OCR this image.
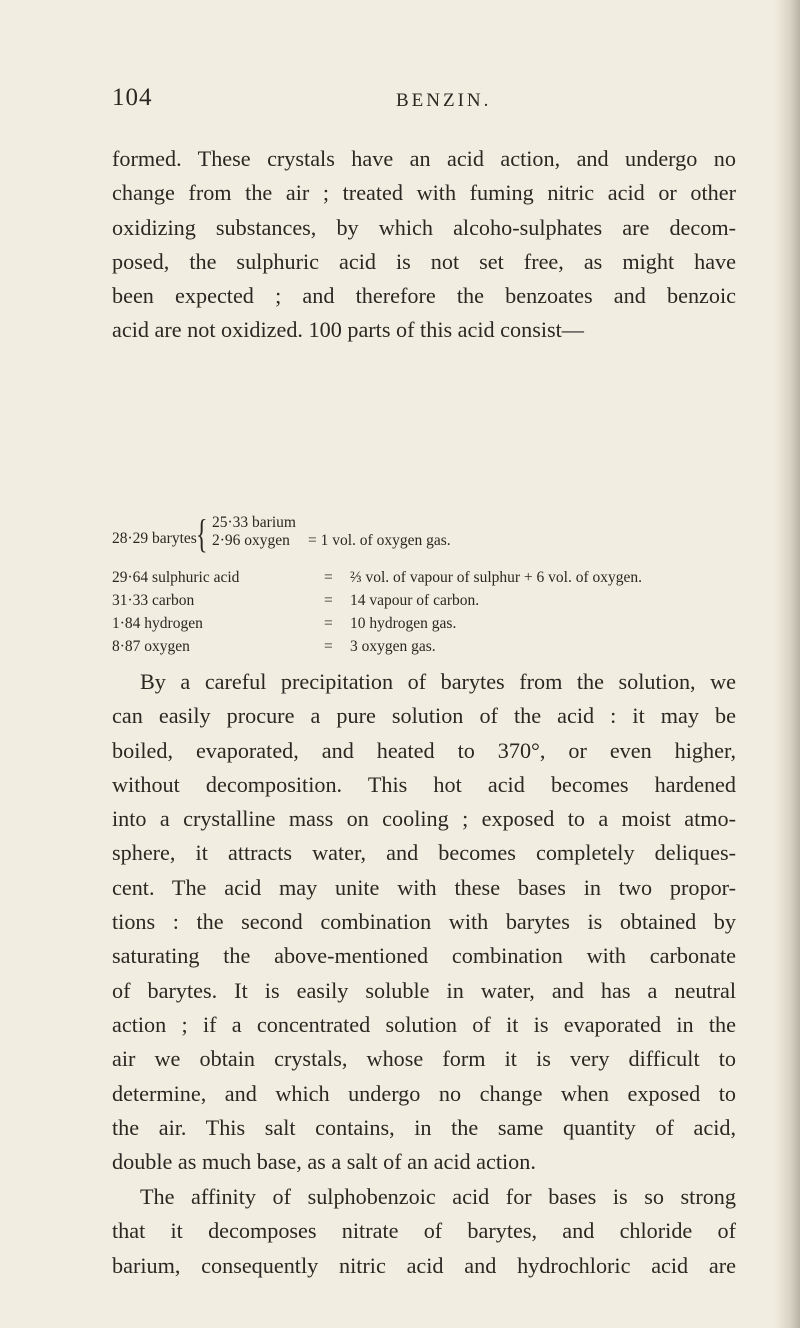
104	BENZIN.
formed. These crystals have an acid action, and undergo no
change from the air ; treated with fuming nitric acid or other
oxidizing substances, by which alcoho-sulphates are decom-
posed, the sulphuric acid is not set free, as might have
been expected ; and therefore the benzoates and benzoic
acid are not oxidized. 100 parts of this acid consist—
28·29 barytes { 25·33 barium
2·96 oxygen = 1 vol. of oxygen gas.
29·64 sulphuric acid	= ⅔ vol. of vapour of sulphur + 6 vol. of oxygen.
31·33 carbon	= 14 vapour of carbon.
1·84 hydrogen	= 10 hydrogen gas.
8·87 oxygen	= 3 oxygen gas.
By a careful precipitation of barytes from the solution, we
can easily procure a pure solution of the acid : it may be
boiled, evaporated, and heated to 370°, or even higher,
without decomposition. This hot acid becomes hardened
into a crystalline mass on cooling ; exposed to a moist atmo-
sphere, it attracts water, and becomes completely deliques-
cent. The acid may unite with these bases in two propor-
tions : the second combination with barytes is obtained by
saturating the above-mentioned combination with carbonate
of barytes. It is easily soluble in water, and has a neutral
action ; if a concentrated solution of it is evaporated in the
air we obtain crystals, whose form it is very difficult to
determine, and which undergo no change when exposed to
the air. This salt contains, in the same quantity of acid,
double as much base, as a salt of an acid action.
The affinity of sulphobenzoic acid for bases is so strong
that it decomposes nitrate of barytes, and chloride of
barium, consequently nitric acid and hydrochloric acid are
